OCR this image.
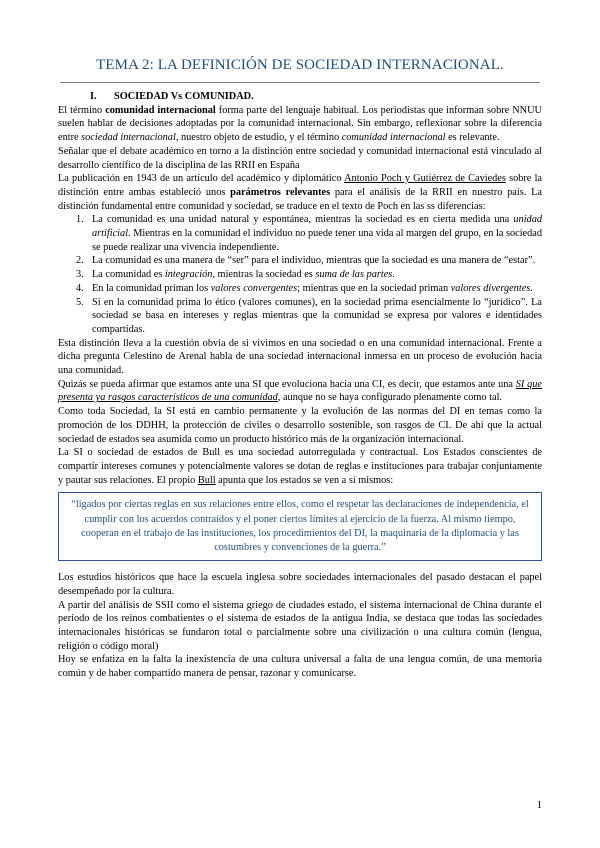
TEMA 2: LA DEFINICIÓN DE SOCIEDAD INTERNACIONAL.

I. SOCIEDAD Vs COMUNIDAD.

El término comunidad internacional forma parte del lenguaje habitual. Los periodistas que informan sobre NNUU suelen hablar de decisiones adoptadas por la comunidad internacional. Sin embargo, reflexionar sobre la diferencia entre sociedad internacional, nuestro objeto de estudio, y el término comunidad internacional es relevante.

Señalar que el debate académico en torno a la distinción entre sociedad y comunidad internacional está vinculado al desarrollo científico de la disciplina de las RRII en España

La publicación en 1943 de un artículo del académico y diplomático Antonio Poch y Gutiérrez de Caviedes sobre la distinción entre ambas estableció unos parámetros relevantes para el análisis de la RRII en nuestro país. La distinción fundamental entre comunidad y sociedad, se traduce en el texto de Poch en las ss diferencias:

1. La comunidad es una unidad natural y espontánea, mientras la sociedad es en cierta medida una unidad artificial. Mientras en la comunidad el individuo no puede tener una vida al margen del grupo, en la sociedad se puede realizar una vivencia independiente.
2. La comunidad es una manera de “ser” para el individuo, mientras que la sociedad es una manera de “estar”.
3. La comunidad es integración, mientras la sociedad es suma de las partes.
4. En la comunidad priman los valores convergentes; mientras que en la sociedad priman valores divergentes.
5. Si en la comunidad prima lo ético (valores comunes), en la sociedad prima esencialmente lo “jurídico”. La sociedad se basa en intereses y reglas mientras que la comunidad se expresa por valores e identidades compartidas.

Esta distinción lleva a la cuestión obvia de si vivimos en una sociedad o en una comunidad internacional. Frente a dicha pregunta Celestino de Arenal habla de una sociedad internacional inmersa en un proceso de evolución hacia una comunidad.

Quizás se pueda afirmar que estamos ante una SI que evoluciona hacia una CI, es decir, que estamos ante una SI que presenta ya rasgos característicos de una comunidad, aunque no se haya configurado plenamente como tal.

Como toda Sociedad, la SI está en cambio permanente y la evolución de las normas del DI en temas como la promoción de los DDHH, la protección de civiles o desarrollo sostenible, son rasgos de CI. De ahí que la actual sociedad de estados sea asumida como un producto histórico más de la organización internacional.

La SI o sociedad de estados de Bull es una sociedad autorregulada y contractual. Los Estados conscientes de compartir intereses comunes y potencialmente valores se dotan de reglas e instituciones para trabajar conjuntamente y pautar sus relaciones. El propio Bull apunta que los estados se ven a sí mismos:

“ligados por ciertas reglas en sus relaciones entre ellos, como el respetar las declaraciones de independencia, el cumplir con los acuerdos contraídos y el poner ciertos límites al ejercicio de la fuerza. Al mismo tiempo, cooperan en el trabajo de las instituciones, los procedimientos del DI, la maquinaria de la diplomacia y las costumbres y convenciones de la guerra.”

Los estudios históricos que hace la escuela inglesa sobre sociedades internacionales del pasado destacan el papel desempeñado por la cultura.

A partir del análisis de SSII como el sistema griego de ciudades estado, el sistema internacional de China durante el periodo de los reinos combatientes o el sistema de estados de la antigua India, se destaca que todas las sociedades internacionales históricas se fundaron total o parcialmente sobre una civilización o una cultura común (lengua, religión o código moral)

Hoy se enfatiza en la falta la inexistencia de una cultura universal a falta de una lengua común, de una memoria común y de haber compartido manera de pensar, razonar y comunicarse.

1
